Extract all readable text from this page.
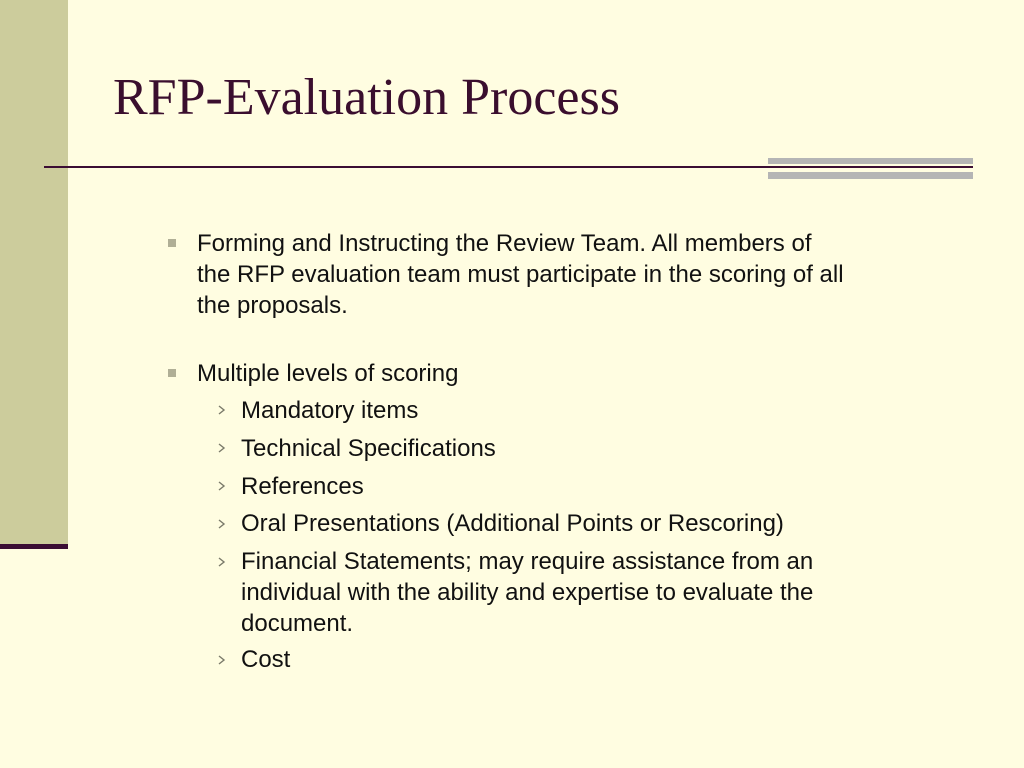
RFP-Evaluation Process
Forming and Instructing the Review Team. All members of
the RFP evaluation team must participate in the scoring of all
the proposals.
Multiple levels of scoring
Mandatory items
Technical Specifications
References
Oral Presentations (Additional Points or Rescoring)
Financial Statements; may require assistance from an
individual with the ability and expertise to evaluate the
document.
Cost
